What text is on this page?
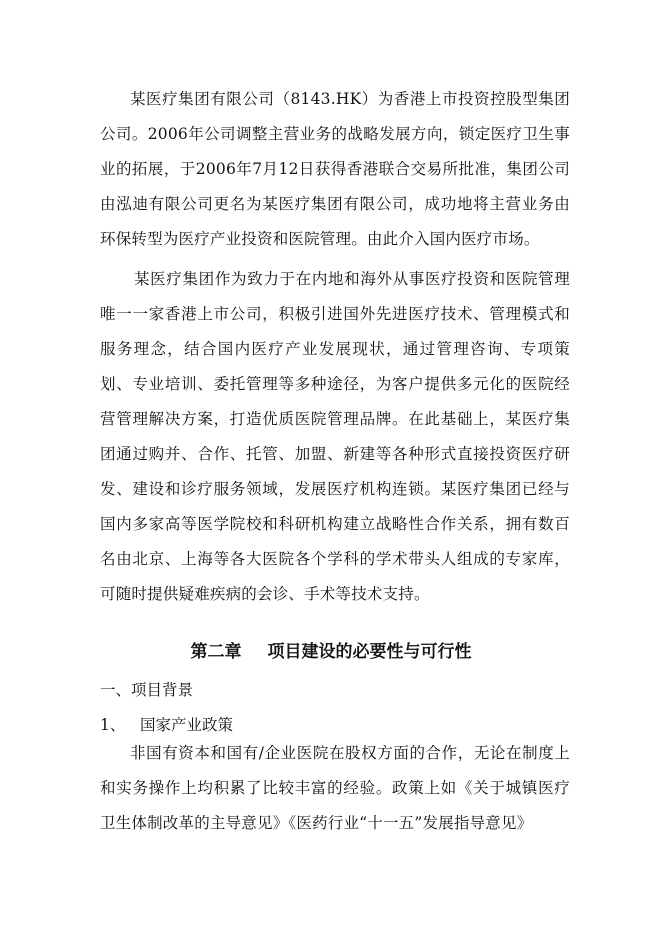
某医疗集团有限公司（8143.HK）为香港上市投资控股型集团公司。2006年公司调整主营业务的战略发展方向，锁定医疗卫生事业的拓展，于2006年7月12日获得香港联合交易所批准，集团公司由泓迪有限公司更名为某医疗集团有限公司，成功地将主营业务由环保转型为医疗产业投资和医院管理。由此介入国内医疗市场。

某医疗集团作为致力于在内地和海外从事医疗投资和医院管理唯一一家香港上市公司，积极引进国外先进医疗技术、管理模式和服务理念，结合国内医疗产业发展现状，通过管理咨询、专项策划、专业培训、委托管理等多种途径，为客户提供多元化的医院经营管理解决方案，打造优质医院管理品牌。在此基础上，某医疗集团通过购并、合作、托管、加盟、新建等各种形式直接投资医疗研发、建设和诊疗服务领域，发展医疗机构连锁。某医疗集团已经与国内多家高等医学院校和科研机构建立战略性合作关系，拥有数百名由北京、上海等各大医院各个学科的学术带头人组成的专家库，可随时提供疑难疾病的会诊、手术等技术支持。

第二章 项目建设的必要性与可行性

一、项目背景

1、 国家产业政策

非国有资本和国有/企业医院在股权方面的合作，无论在制度上和实务操作上均积累了比较丰富的经验。政策上如《关于城镇医疗卫生体制改革的主导意见》《医药行业“十一五”发展指导意见》
